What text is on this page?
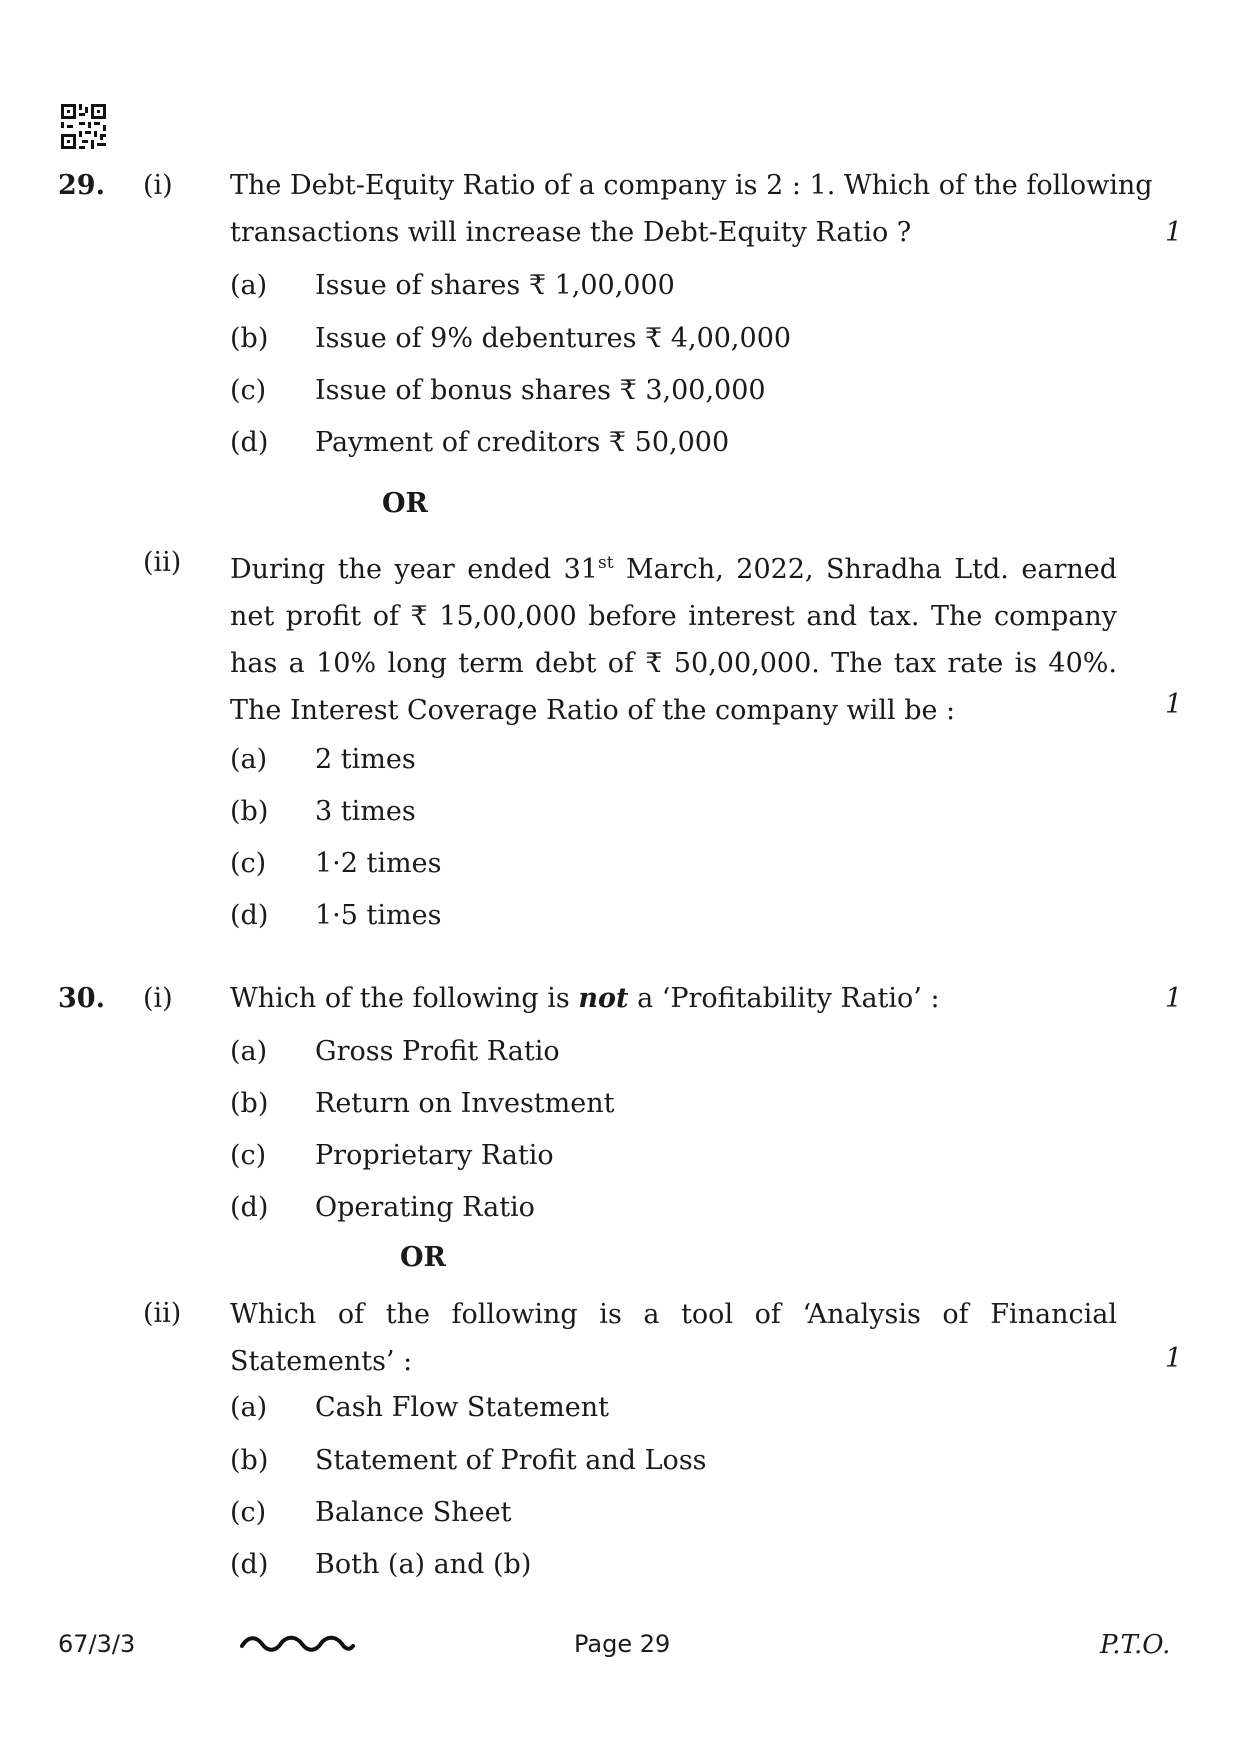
29. (i) The Debt-Equity Ratio of a company is 2 : 1. Which of the following
transactions will increase the Debt-Equity Ratio ?	1
(a) Issue of shares ₹ 1,00,000
(b) Issue of 9% debentures ₹ 4,00,000
(c) Issue of bonus shares ₹ 3,00,000
(d) Payment of creditors ₹ 50,000
OR
(ii) During the year ended 31st March, 2022, Shradha Ltd. earned net profit of ₹ 15,00,000 before interest and tax. The company has a 10% long term debt of ₹ 50,00,000. The tax rate is 40%. The Interest Coverage Ratio of the company will be :	1
(a) 2 times
(b) 3 times
(c) 1·2 times
(d) 1·5 times
30. (i) Which of the following is not a ‘Profitability Ratio’ :	1
(a) Gross Profit Ratio
(b) Return on Investment
(c) Proprietary Ratio
(d) Operating Ratio
OR
(ii) Which of the following is a tool of ‘Analysis of Financial Statements’ :	1
(a) Cash Flow Statement
(b) Statement of Profit and Loss
(c) Balance Sheet
(d) Both (a) and (b)
67/3/3	Page 29	P.T.O.
